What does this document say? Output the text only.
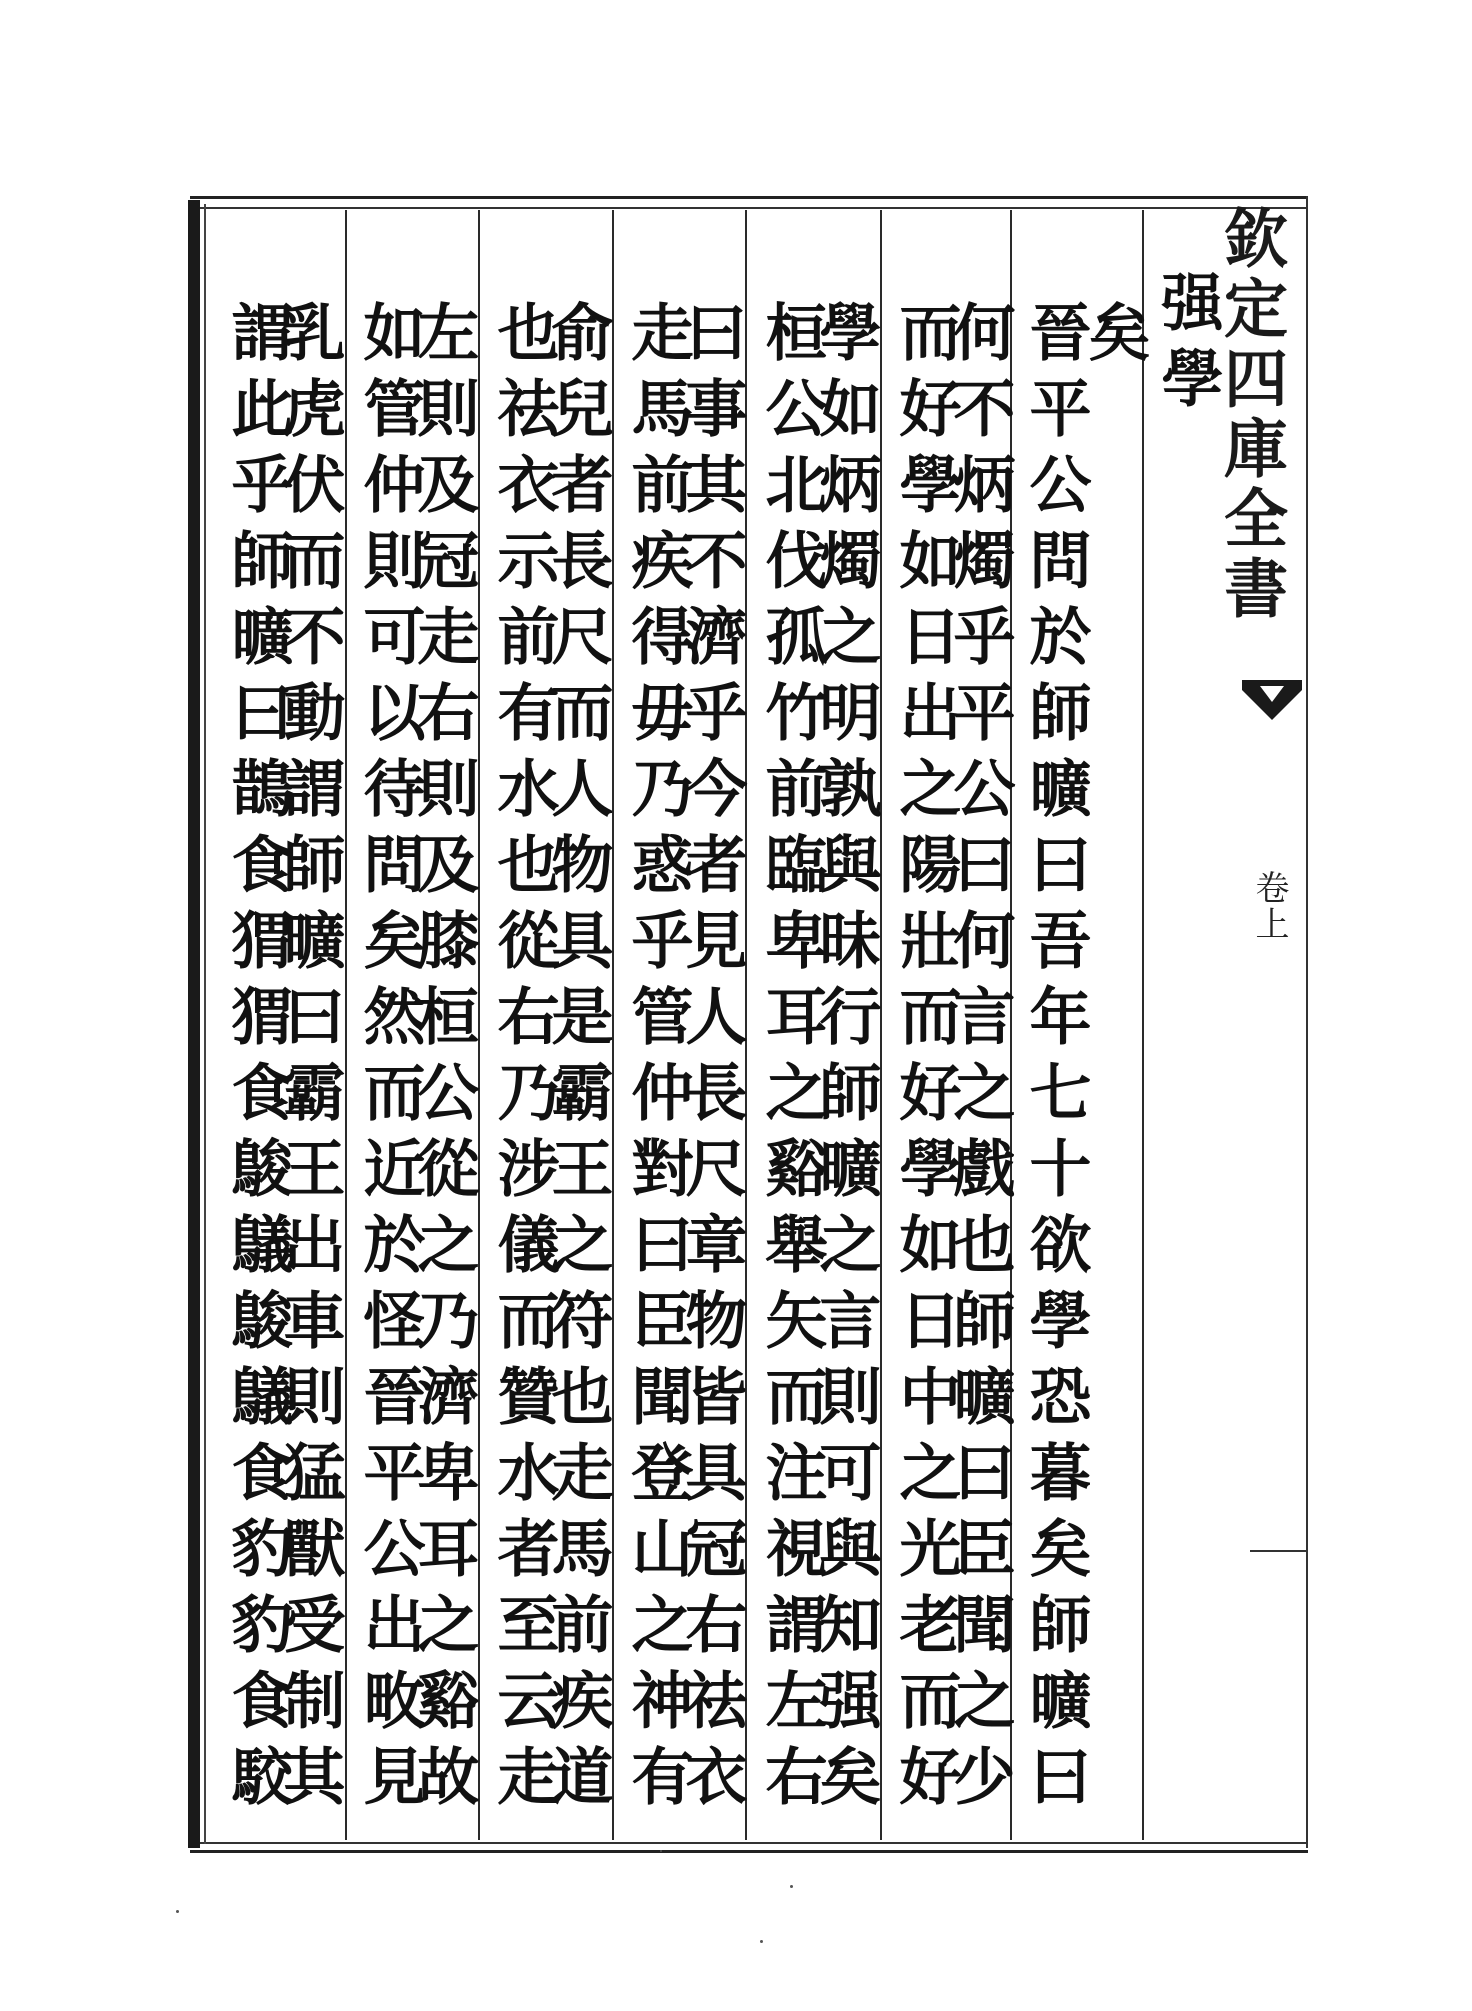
欽定四庫全書
卷上
强學
矣
晉平公問於師曠曰吾年七十欲學恐暮矣師曠曰
何不炳燭乎平公曰何言之戲也師曠曰臣聞之少
而好學如日出之陽壯而好學如日中之光老而好
學如炳燭之明孰與昧行師曠之言則可與知强矣
桓公北伐孤竹前臨卑耳之谿舉矢而注視謂左右
曰事其不濟乎今者見人長尺章物皆具冠右祛衣
走馬前疾得毋乃惑乎管仲對曰臣聞登山之神有
俞兒者長尺而人物具是霸王之符也走馬前疾道
也祛衣示前有水也從右乃涉儀而贊水者至云走
左則及冠走右則及膝桓公從之乃濟卑耳之谿故
如管仲則可以待問矣然而近於怪晉平公出畋見
乳虎伏而不動謂師曠曰霸王出車則猛獸受制其
謂此乎師曠曰鵲食猬猬食鵔鸃鵔鸃食豹豹食駮
